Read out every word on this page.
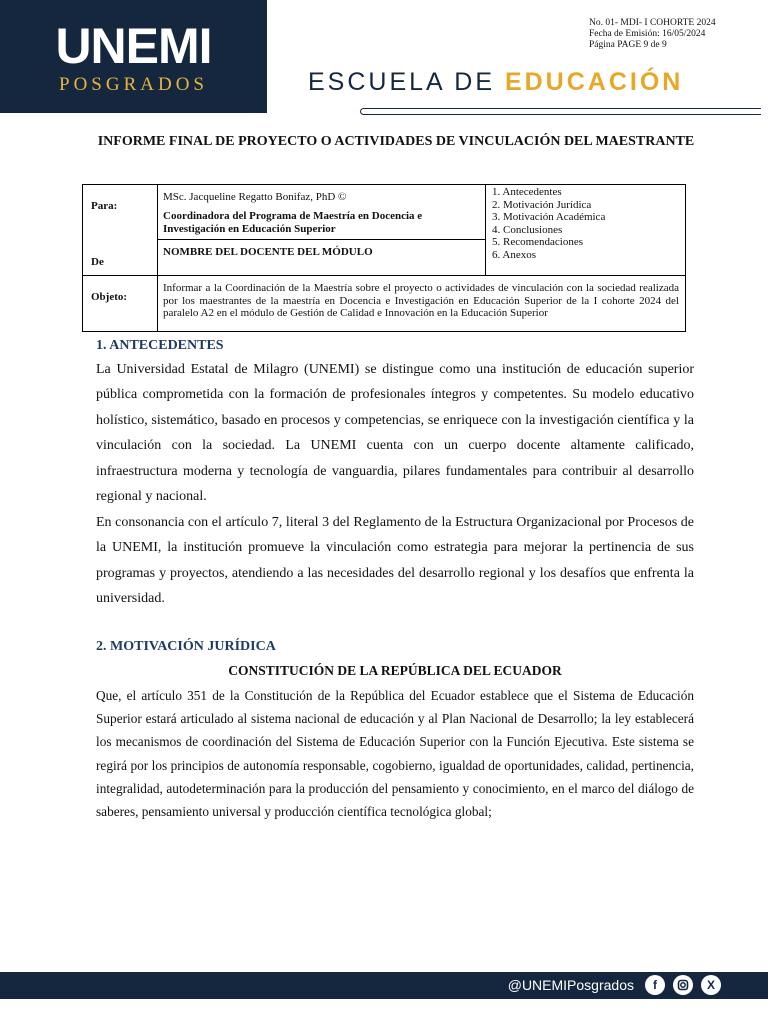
UNEMI
POSGRADOS
No. 01- MDI- I COHORTE 2024
Fecha de Emisión: 16/05/2024
Página PAGE 9 de 9
ESCUELA DE EDUCACIÓN
INFORME FINAL DE PROYECTO O ACTIVIDADES DE VINCULACIÓN DEL MAESTRANTE
Para:
De
MSc. Jacqueline Regatto Bonifaz, PhD ©
Coordinadora del Programa de Maestría en Docencia e Investigación en Educación Superior
NOMBRE DEL DOCENTE DEL MÓDULO
1. Antecedentes
2. Motivación Jurídica
3. Motivación Académica
4. Conclusiones
5. Recomendaciones
6. Anexos
Objeto:
Informar a la Coordinación de la Maestría sobre el proyecto o actividades de vinculación con la sociedad realizada por los maestrantes de la maestría en Docencia e Investigación en Educación Superior de la I cohorte 2024 del paralelo A2 en el módulo de Gestión de Calidad e Innovación en la Educación Superior
1. ANTECEDENTES
La Universidad Estatal de Milagro (UNEMI) se distingue como una institución de educación superior pública comprometida con la formación de profesionales íntegros y competentes. Su modelo educativo holístico, sistemático, basado en procesos y competencias, se enriquece con la investigación científica y la vinculación con la sociedad. La UNEMI cuenta con un cuerpo docente altamente calificado, infraestructura moderna y tecnología de vanguardia, pilares fundamentales para contribuir al desarrollo regional y nacional.
En consonancia con el artículo 7, literal 3 del Reglamento de la Estructura Organizacional por Procesos de la UNEMI, la institución promueve la vinculación como estrategia para mejorar la pertinencia de sus programas y proyectos, atendiendo a las necesidades del desarrollo regional y los desafíos que enfrenta la universidad.
2. MOTIVACIÓN JURÍDICA
CONSTITUCIÓN DE LA REPÚBLICA DEL ECUADOR
Que, el artículo 351 de la Constitución de la República del Ecuador establece que el Sistema de Educación Superior estará articulado al sistema nacional de educación y al Plan Nacional de Desarrollo; la ley establecerá los mecanismos de coordinación del Sistema de Educación Superior con la Función Ejecutiva. Este sistema se regirá por los principios de autonomía responsable, cogobierno, igualdad de oportunidades, calidad, pertinencia, integralidad, autodeterminación para la producción del pensamiento y conocimiento, en el marco del diálogo de saberes, pensamiento universal y producción científica tecnológica global;
@UNEMIPosgrados	f	X
